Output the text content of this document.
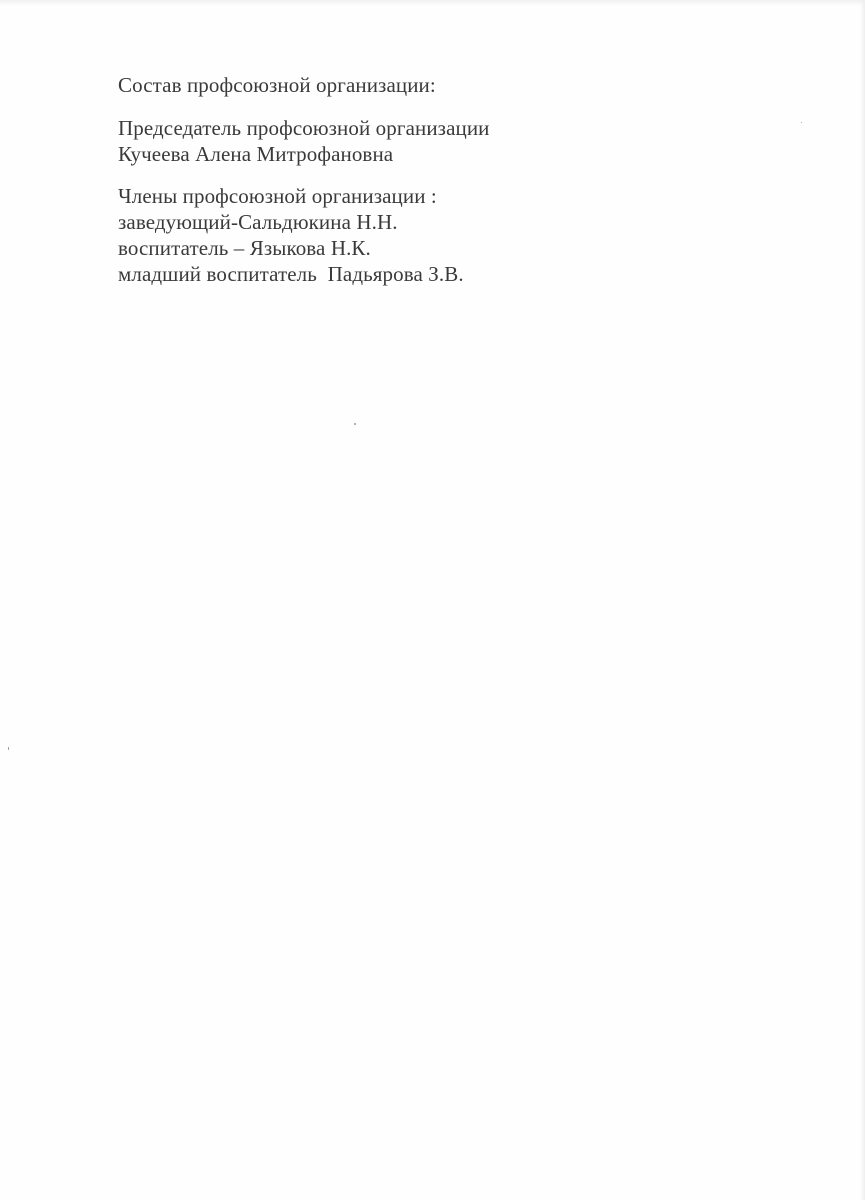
Состав профсоюзной организации:
Председатель профсоюзной организации
Кучеева Алена Митрофановна
Члены профсоюзной организации :
заведующий-Сальдюкина Н.Н.
воспитатель – Языкова Н.К.
младший воспитатель  Падьярова З.В.
